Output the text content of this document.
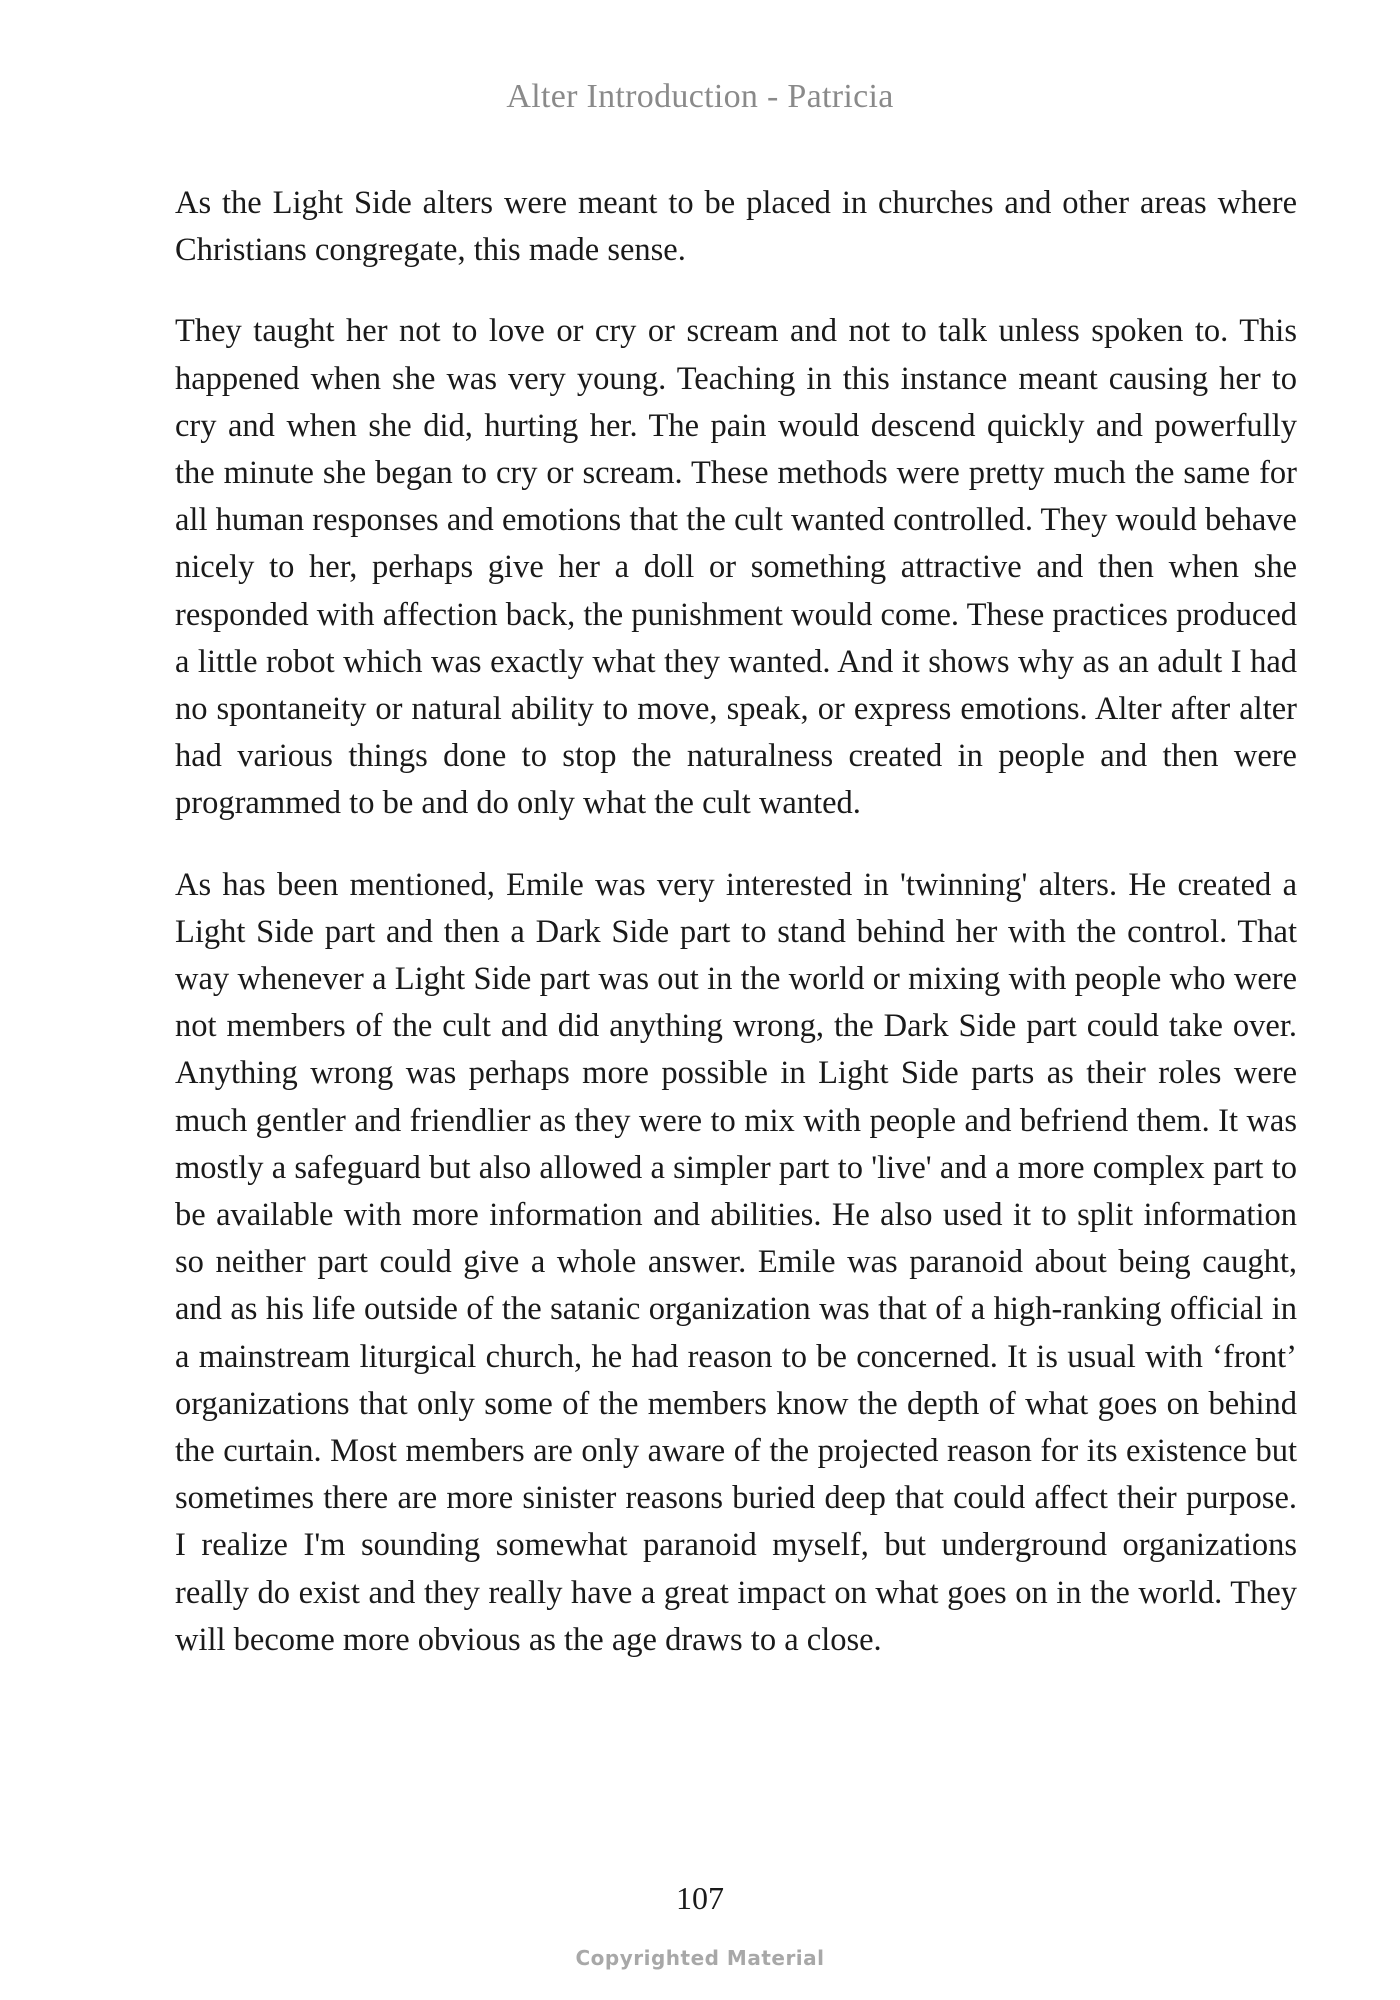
Alter Introduction - Patricia

As the Light Side alters were meant to be placed in churches and other areas where Christians congregate, this made sense.

They taught her not to love or cry or scream and not to talk unless spoken to. This happened when she was very young. Teaching in this instance meant causing her to cry and when she did, hurting her. The pain would descend quickly and powerfully the minute she began to cry or scream. These methods were pretty much the same for all human responses and emotions that the cult wanted controlled. They would behave nicely to her, perhaps give her a doll or something attractive and then when she responded with affection back, the punishment would come. These practices produced a little robot which was exactly what they wanted. And it shows why as an adult I had no spontaneity or natural ability to move, speak, or express emotions. Alter after alter had various things done to stop the naturalness created in people and then were programmed to be and do only what the cult wanted.

As has been mentioned, Emile was very interested in 'twinning' alters. He created a Light Side part and then a Dark Side part to stand behind her with the control. That way whenever a Light Side part was out in the world or mixing with people who were not members of the cult and did anything wrong, the Dark Side part could take over. Anything wrong was perhaps more possible in Light Side parts as their roles were much gentler and friendlier as they were to mix with people and befriend them. It was mostly a safeguard but also allowed a simpler part to 'live' and a more complex part to be available with more information and abilities. He also used it to split information so neither part could give a whole answer. Emile was paranoid about being caught, and as his life outside of the satanic organization was that of a high-ranking official in a mainstream liturgical church, he had reason to be concerned. It is usual with ‘front’ organizations that only some of the members know the depth of what goes on behind the curtain. Most members are only aware of the projected reason for its existence but sometimes there are more sinister reasons buried deep that could affect their purpose. I realize I'm sounding somewhat paranoid myself, but underground organizations really do exist and they really have a great impact on what goes on in the world. They will become more obvious as the age draws to a close.

107
Copyrighted Material
